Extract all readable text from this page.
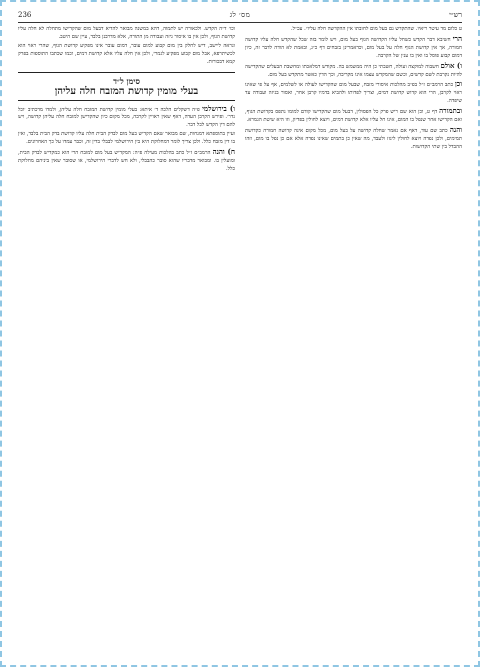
רש״י
מס׳ לג
236

ט כלום מד עיטר ריאיו. שהתקדש גם בעל מום לחובתו אין ההקדשה חלה עליו״. עכ״ל.

הרי חשיבא דבר הקדש כשחל עליו הקדושה הגוף בעל מום, ויש לומר בזה שכל שהקדש חלה עליו קדושה חמורה, אך אין קדושת הגוף חלה על בעל מום, וכדאמרינן בזבחים דף כ״ג, ובאמת לא הודה לדבר זה, כיון דמום קבוע פוסל בו ואין בו ענין של הקרבה.

ו) אולם חשבוה למוקצה ועולה, חשבתי כן היה ממשמש בה. מקודש דמלאכתו ומחשבת הבעלים שהקדישה להיות נקרבת לשם קדשים, וכשם שהמקדש עצמו אינו מקריבה, וכך הדין כאשר מתקדש בעל מום.

וכן כתב הרמב״ם ז״ל בפ״ב מהלכות איסורי מזבח, שבעל מום שהקדישו לעולה או לשלמים, אף על פי שאינו ראוי לקרבן, הרי הוא קדוש קדושת דמים, וצריך לפדותו ולהביא בדמיו קרבן אחר, ואסור בגיזה ועבודה עד שיפדה.

ובתמורה דף ט, וכן הוא שם ריש פרק כל הפסולין, דבעל מום שהקדישו קודם למומו נתפס בקדושת הגוף, ואם הקדישו אחר שנפל בו המום, אינו חל עליו אלא קדושת דמים, ויוצא לחולין בפדיון, וזו היא שיטת הגמרא.

והנה כתב שם עוד, דאף אם נאמר שחלה קדושה על בעל מום, מכל מקום אינה קדושה חמורה כקדושת תמימים, ולכן נפדה ויוצא לחולין ליגזז ולעבד, מה שאין כן בתמים שאינו נפדה אלא אם כן נפל בו מום, וזהו ההבדל בין שתי הקדושות.

וכו׳ ד״ה הקדש. ולכאורה יש לתמוה, דהא במשנה מבואר להדיא דבעל מום שהקדישו מתחלה לא חלה עליו קדושת הגוף, ולכן אין בו איסור גיזה ועבודה מן התורה, אלא מדרבנן בלבד, עיין שם היטב.

ונראה ליישב, דיש לחלק בין מום קבוע למום עובר, דמום עובר אינו מפקיע קדושת הגוף, שהרי ראוי הוא לכשיתרפא, אבל מום קבוע מפקיע לגמרי, ולכן אין חלה עליו אלא קדושת דמים, וכמו שכתבו התוספות בפרק קמא דבכורות.

סימן ל״ד
בעלי מומין קדושת המזבח חלה עליהן

ו) בירושלמי פ״ה דשקלים הלכה ד׳ איתא: בעלי מומין קדושת המזבח חלה עליהן, ולמדו מדכתיב ׳וכל נדר׳. ופירש הקרבן העדה, דאף שאין ראויין לקרבה, מכל מקום כיון שהקדישן למזבח חלה עליהן קדושה, ויש להם דין הקדש לכל דבר.

ועיין בתוספתא דמנחות, שם מבואר שאם הקדיש בעל מום לבדק הבית חלה עליו קדושת בדק הבית בלבד, ואין בו דין מזבח כלל. ולכן צריך לומר דמחלוקת היא בין הירושלמי לבבלי בדין זה, וכבר עמדו על כך האחרונים.

ח) והנה הרמב״ם ז״ל כתב בהלכות מעילה פ״ה: המקדיש בעל מום למזבח הרי הוא כמקדיש לבדק הבית, ומועלין בו. ומבואר מדבריו שהוא סובר כהבבלי, ולא חש לדברי הירושלמי, או שסובר שאין ביניהם מחלוקת כלל.
